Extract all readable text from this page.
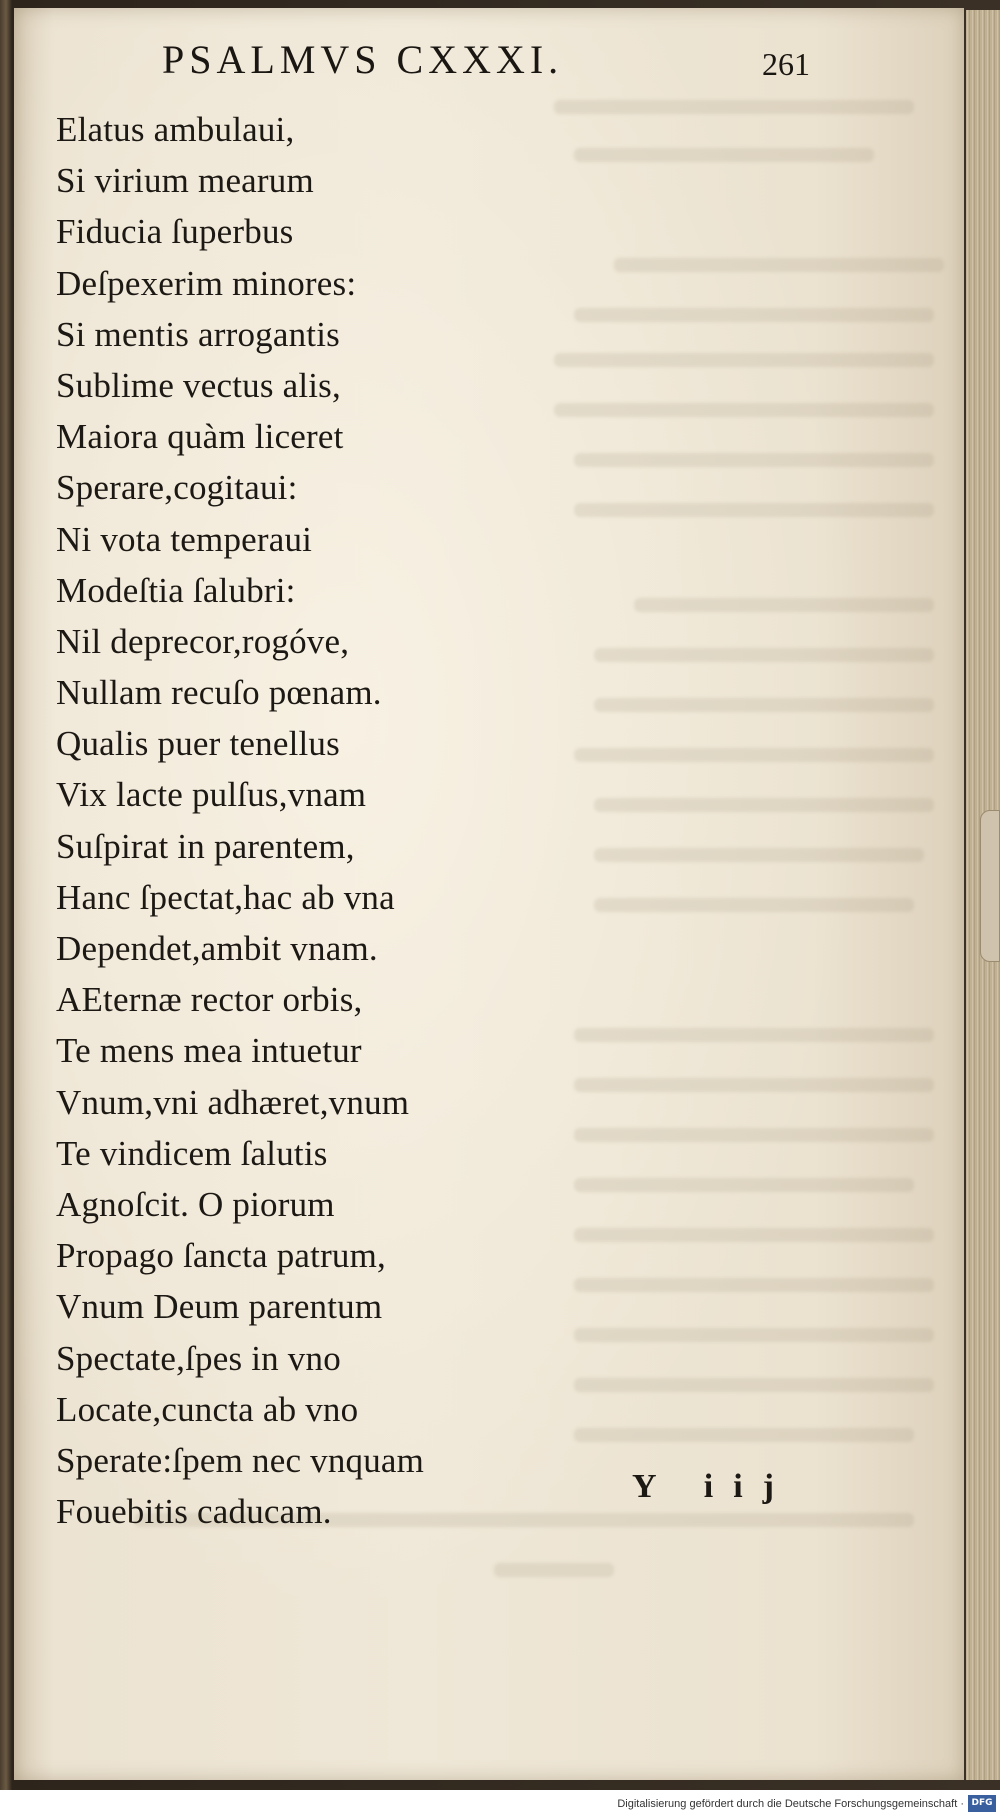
PSALMVS CXXXI.	261
Elatus ambulaui,
Si virium mearum
Fiducia ſuperbus
Deſpexerim minores:
Si mentis arrogantis
Sublime vectus alis,
Maiora quàm liceret
Sperare,cogitaui:
Ni vota temperaui
Modeſtia ſalubri:
Nil deprecor,rogóve,
Nullam recuſo pœnam.
Qualis puer tenellus
Vix lacte pulſus,vnam
Suſpirat in parentem,
Hanc ſpectat,hac ab vna
Dependet,ambit vnam.
AEternæ rector orbis,
Te mens mea intuetur
Vnum,vni adhæret,vnum
Te vindicem ſalutis
Agnoſcit. O piorum
Propago ſancta patrum,
Vnum Deum parentum
Spectate,ſpes in vno
Locate,cuncta ab vno
Sperate:ſpem nec vnquam
Fouebitis caducam.
Y iij
Digitalisierung gefördert durch die Deutsche Forschungsgemeinschaft · DFG
